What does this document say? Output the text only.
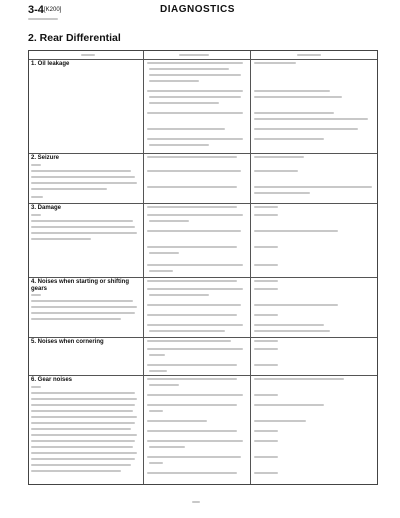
3-4 [K200]	DIAGNOSTICS
2. Rear Differential
1. Oil leakage
2. Seizure
3. Damage
4. Noises when starting or shifting gears
5. Noises when cornering
6. Gear noises
